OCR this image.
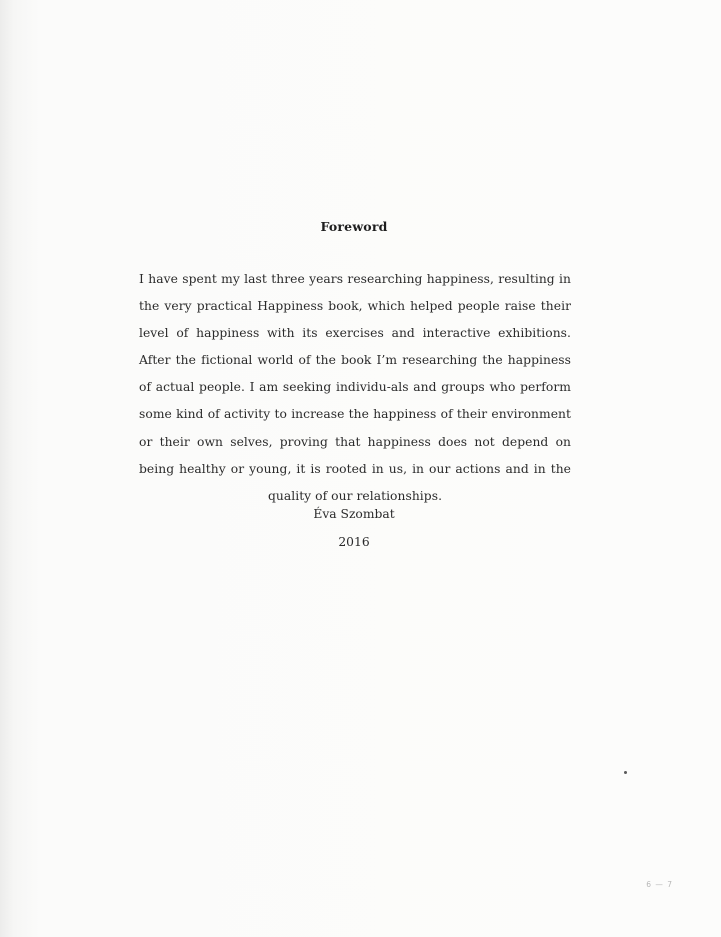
Foreword
I have spent my last three years researching happiness, resulting in the very practical Happiness book, which helped people raise their level of happiness with its exercises and interactive exhibitions. After the fictional world of the book I’m researching the happiness of actual people. I am seeking individu-als and groups who perform some kind of activity to increase the happiness of their environment or their own selves, proving that happiness does not depend on being healthy or young, it is rooted in us, in our actions and in the quality of our relationships.
Éva Szombat
2016
6 — 7
